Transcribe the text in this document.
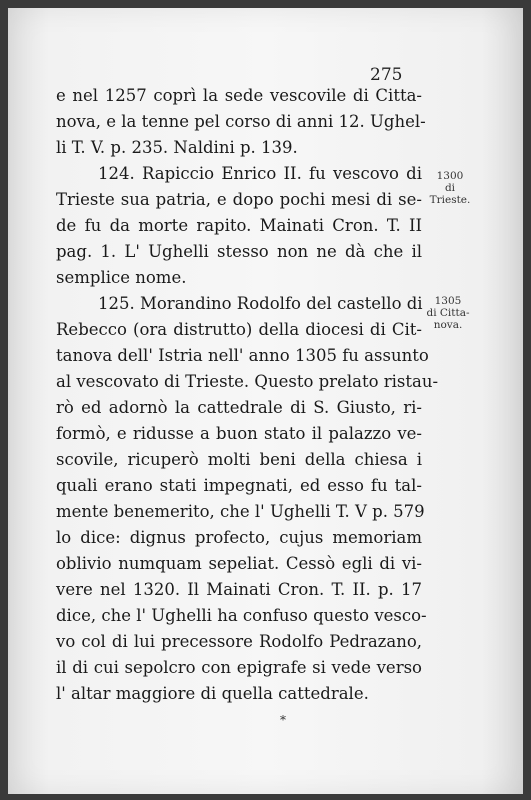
275
e nel 1257 coprì la sede vescovile di Citta-
nova, e la tenne pel corso di anni 12. Ughel-
li T. V. p. 235. Naldini p. 139.
124. Rapiccio Enrico II. fu vescovo di
Trieste sua patria, e dopo pochi mesi di se-
de fu da morte rapito. Mainati Cron. T. II
pag. 1. L' Ughelli stesso non ne dà che il
semplice nome.
125. Morandino Rodolfo del castello di
Rebecco (ora distrutto) della diocesi di Cit-
tanova dell' Istria nell' anno 1305 fu assunto
al vescovato di Trieste. Questo prelato ristau-
rò ed adornò la cattedrale di S. Giusto, ri-
formò, e ridusse a buon stato il palazzo ve-
scovile, ricuperò molti beni della chiesa i
quali erano stati impegnati, ed esso fu tal-
mente benemerito, che l' Ughelli T. V p. 579
lo dice: dignus profecto, cujus memoriam
oblivio numquam sepeliat. Cessò egli di vi-
vere nel 1320. Il Mainati Cron. T. II. p. 17
dice, che l' Ughelli ha confuso questo vesco-
vo col di lui precessore Rodolfo Pedrazano,
il di cui sepolcro con epigrafe si vede verso
l' altar maggiore di quella cattedrale.
1300
di Trieste.
1305
di Citta-
nova.
*
